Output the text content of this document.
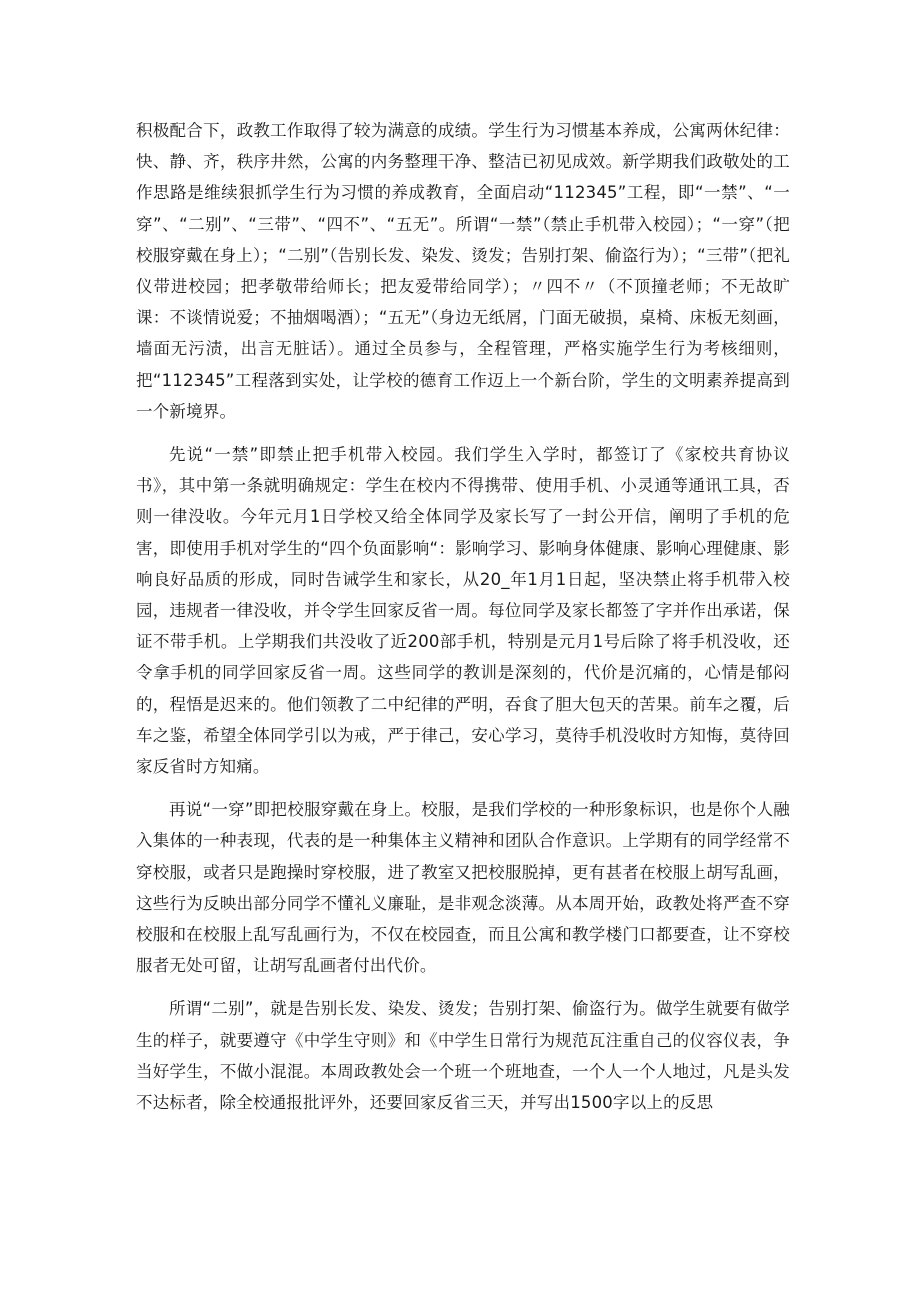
积极配合下，政教工作取得了较为满意的成绩。学生行为习惯基本养成，公寓两休纪律：快、静、齐，秩序井然，公寓的内务整理干净、整洁已初见成效。新学期我们政敬处的工作思路是维续狠抓学生行为习惯的养成教育，全面启动“112345”工程，即“一禁”、“一穿”、“二别”、“三带”、“四不”、“五无”。所谓“一禁”（禁止手机带入校园）；“一穿”（把校服穿戴在身上）；“二别”（告别长发、染发、烫发；告别打架、偷盗行为）；“三带”（把礼仪带进校园；把孝敬带给师长；把友爱带给同学）；〃四不〃（不顶撞老师；不无故旷课：不谈情说爱；不抽烟喝酒）；“五无”（身边无纸屑，门面无破损，桌椅、床板无刻画，墙面无污渍，出言无脏话）。通过全员参与，全程管理，严格实施学生行为考核细则，把“112345”工程落到实处，让学校的德育工作迈上一个新台阶，学生的文明素养提高到一个新境界。

先说“一禁”即禁止把手机带入校园。我们学生入学时，都签订了《家校共育协议书》，其中第一条就明确规定：学生在校内不得携带、使用手机、小灵通等通讯工具，否则一律没收。今年元月1日学校又给全体同学及家长写了一封公开信，阐明了手机的危害，即使用手机对学生的“四个负面影响“：影响学习、影响身体健康、影响心理健康、影响良好品质的形成，同时告诫学生和家长，从20_年1月1日起，坚决禁止将手机带入校园，违规者一律没收，并令学生回家反省一周。每位同学及家长都签了字并作出承诺，保证不带手机。上学期我们共没收了近200部手机，特别是元月1号后除了将手机没收，还令拿手机的同学回家反省一周。这些同学的教训是深刻的，代价是沉痛的，心情是郁闷的，程悟是迟来的。他们领教了二中纪律的严明，吞食了胆大包天的苦果。前车之覆，后车之鉴，希望全体同学引以为戒，严于律己，安心学习，莫待手机没收时方知悔，莫待回家反省时方知痛。

再说“一穿”即把校服穿戴在身上。校服，是我们学校的一种形象标识，也是你个人融入集体的一种表现，代表的是一种集体主义精神和团队合作意识。上学期有的同学经常不穿校服，或者只是跑操时穿校服，进了教室又把校服脱掉，更有甚者在校服上胡写乱画，这些行为反映出部分同学不懂礼义廉耻，是非观念淡薄。从本周开始，政教处将严查不穿校服和在校服上乱写乱画行为，不仅在校园查，而且公寓和教学楼门口都要查，让不穿校服者无处可留，让胡写乱画者付出代价。

所谓“二别”，就是告别长发、染发、烫发；告别打架、偷盗行为。做学生就要有做学生的样子，就要遵守《中学生守则》和《中学生日常行为规范瓦注重自己的仪容仪表，争当好学生，不做小混混。本周政教处会一个班一个班地查，一个人一个人地过，凡是头发不达标者，除全校通报批评外，还要回家反省三天，并写出1500字以上的反思
